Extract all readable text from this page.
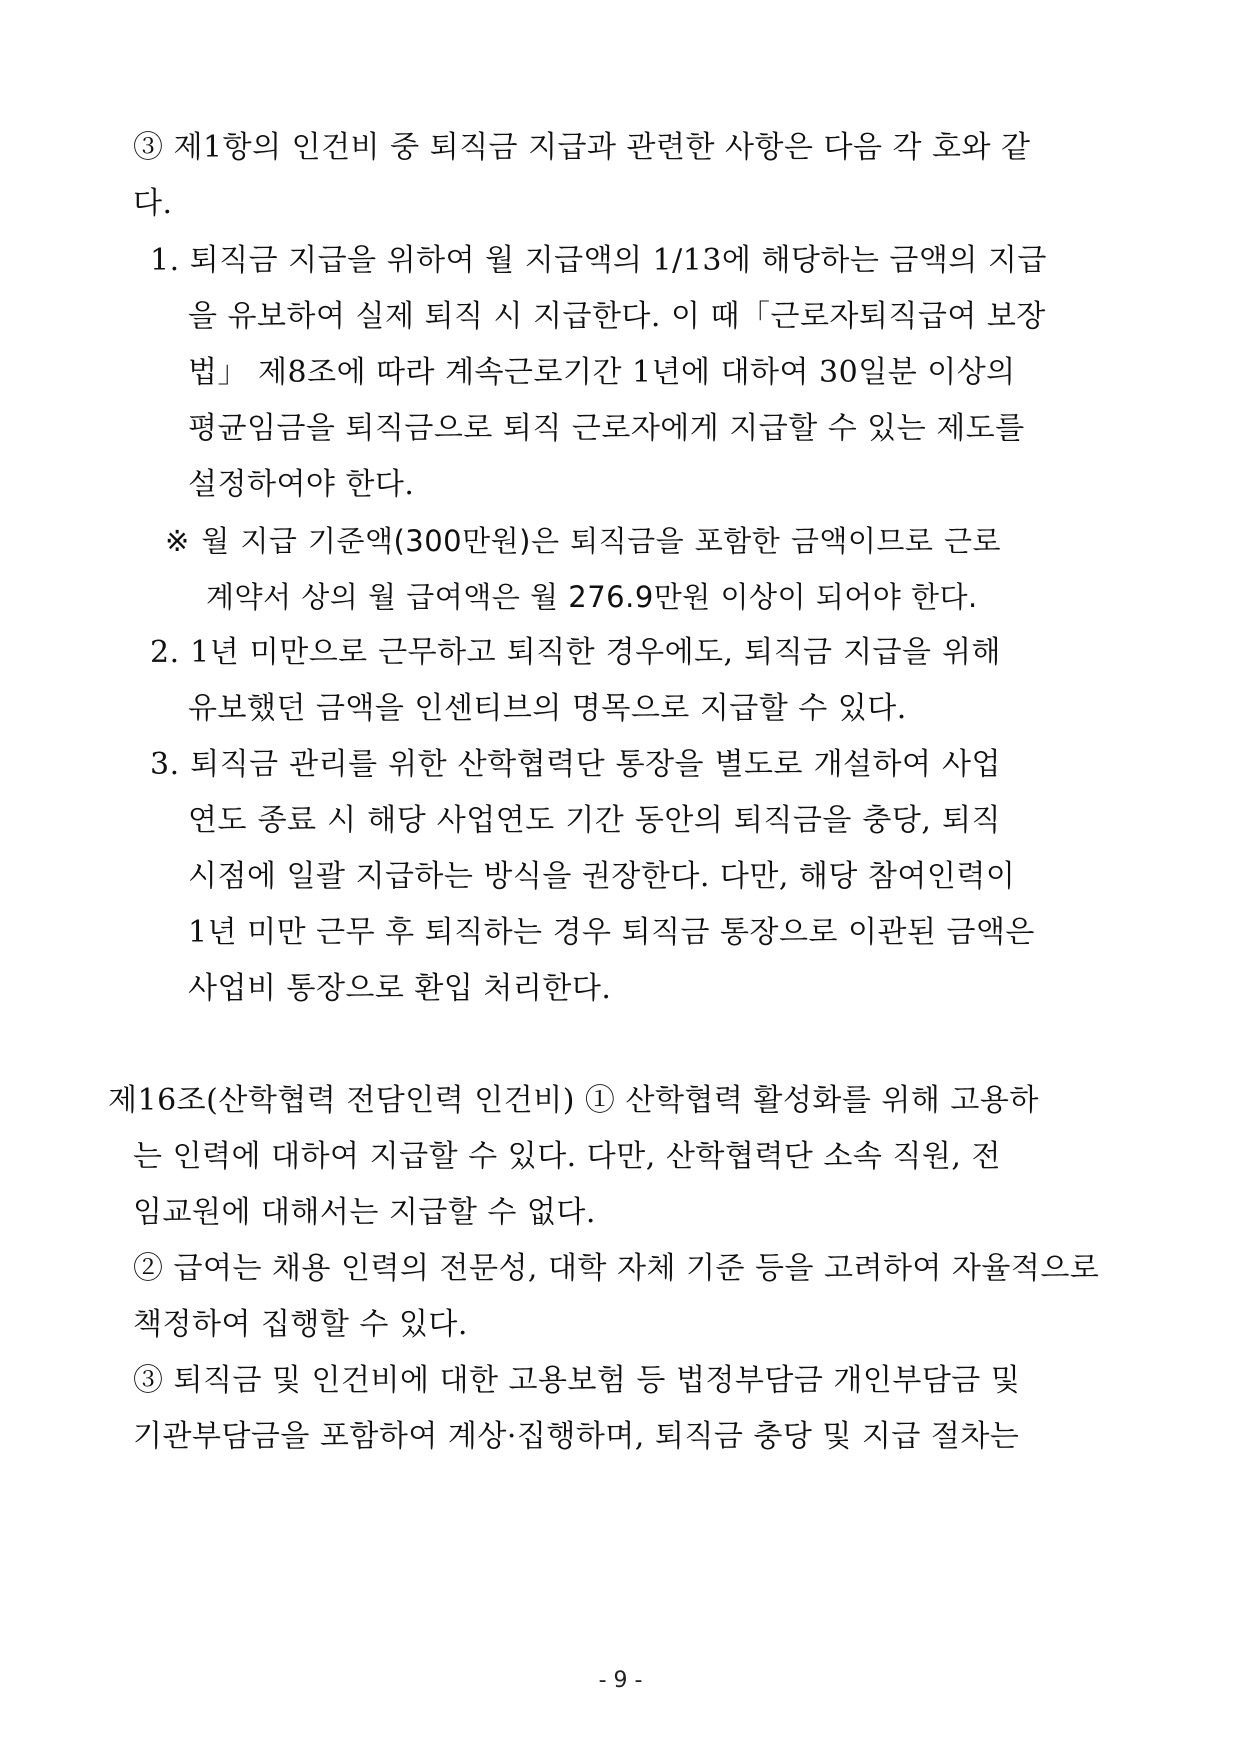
③ 제1항의 인건비 중 퇴직금 지급과 관련한 사항은 다음 각 호와 같
다.
1. 퇴직금 지급을 위하여 월 지급액의 1/13에 해당하는 금액의 지급
을 유보하여 실제 퇴직 시 지급한다. 이 때「근로자퇴직급여 보장
법」 제8조에 따라 계속근로기간 1년에 대하여 30일분 이상의
평균임금을 퇴직금으로 퇴직 근로자에게 지급할 수 있는 제도를
설정하여야 한다.
※ 월 지급 기준액(300만원)은 퇴직금을 포함한 금액이므로 근로
계약서 상의 월 급여액은 월 276.9만원 이상이 되어야 한다.
2. 1년 미만으로 근무하고 퇴직한 경우에도, 퇴직금 지급을 위해
유보했던 금액을 인센티브의 명목으로 지급할 수 있다.
3. 퇴직금 관리를 위한 산학협력단 통장을 별도로 개설하여 사업
연도 종료 시 해당 사업연도 기간 동안의 퇴직금을 충당, 퇴직
시점에 일괄 지급하는 방식을 권장한다. 다만, 해당 참여인력이
1년 미만 근무 후 퇴직하는 경우 퇴직금 통장으로 이관된 금액은
사업비 통장으로 환입 처리한다.
제16조(산학협력 전담인력 인건비) ① 산학협력 활성화를 위해 고용하
는 인력에 대하여 지급할 수 있다. 다만, 산학협력단 소속 직원, 전
임교원에 대해서는 지급할 수 없다.
② 급여는 채용 인력의 전문성, 대학 자체 기준 등을 고려하여 자율적으로
책정하여 집행할 수 있다.
③ 퇴직금 및 인건비에 대한 고용보험 등 법정부담금 개인부담금 및
기관부담금을 포함하여 계상·집행하며, 퇴직금 충당 및 지급 절차는
- 9 -
